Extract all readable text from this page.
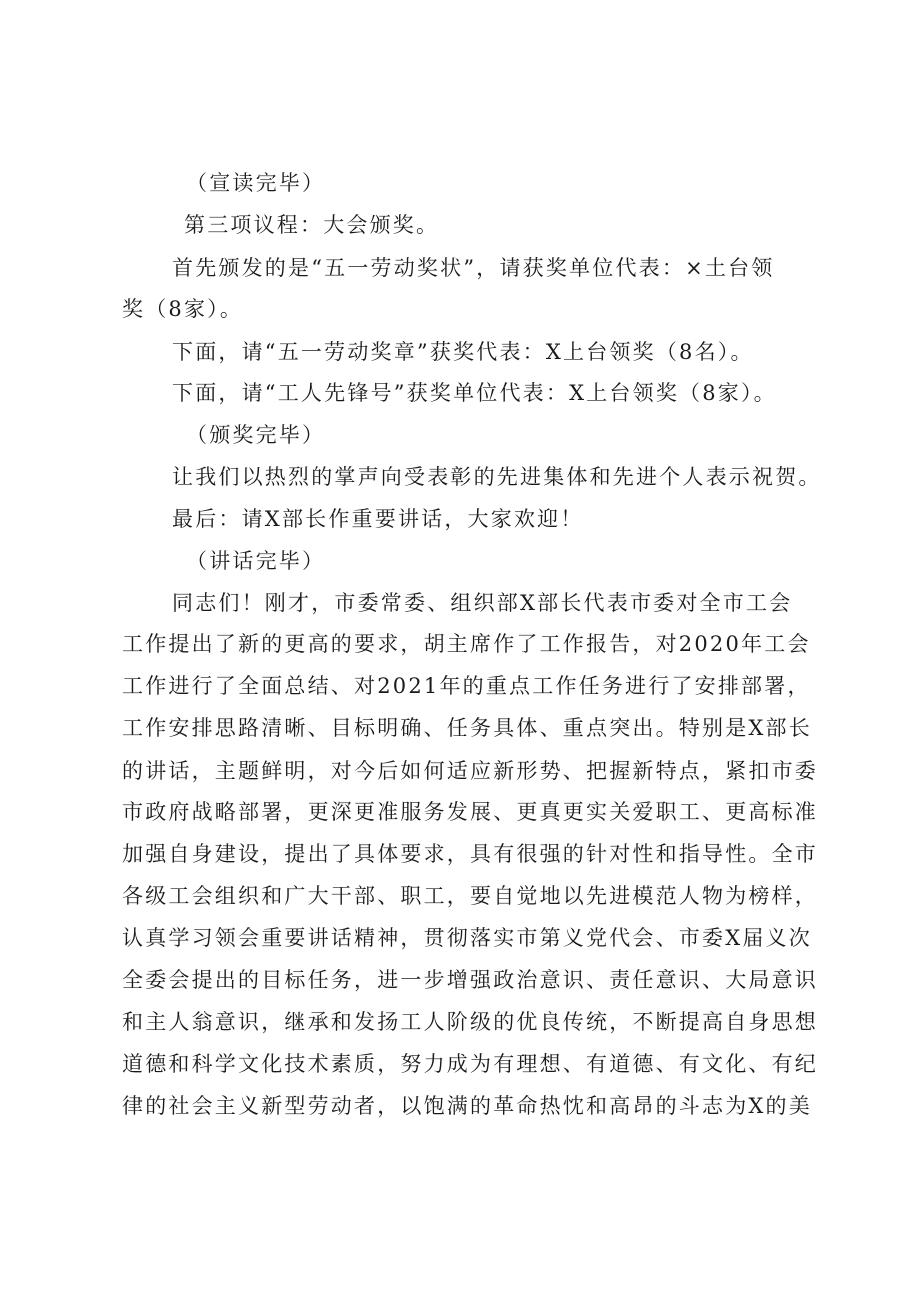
（宣读完毕）
第三项议程：大会颁奖。
首先颁发的是“五一劳动奖状”，请获奖单位代表：×土台领
奖（8家）。
下面，请“五一劳动奖章”获奖代表：X上台领奖（8名）。
下面，请“工人先锋号”获奖单位代表：X上台领奖（8家）。
（颁奖完毕）
让我们以热烈的掌声向受表彰的先进集体和先进个人表示祝贺。
最后：请X部长作重要讲话，大家欢迎！
（讲话完毕）
同志们！刚才，市委常委、组织部X部长代表市委对全市工会
工作提出了新的更高的要求，胡主席作了工作报告，对2020年工会
工作进行了全面总结、对2021年的重点工作任务进行了安排部署，
工作安排思路清晰、目标明确、任务具体、重点突出。特别是X部长
的讲话，主题鲜明，对今后如何适应新形势、把握新特点，紧扣市委
市政府战略部署，更深更准服务发展、更真更实关爱职工、更高标准
加强自身建设，提出了具体要求，具有很强的针对性和指导性。全市
各级工会组织和广大干部、职工，要自觉地以先进模范人物为榜样，
认真学习领会重要讲话精神，贯彻落实市第义党代会、市委X届义次
全委会提出的目标任务，进一步增强政治意识、责任意识、大局意识
和主人翁意识，继承和发扬工人阶级的优良传统，不断提高自身思想
道德和科学文化技术素质，努力成为有理想、有道德、有文化、有纪
律的社会主义新型劳动者，以饱满的革命热忱和高昂的斗志为X的美
